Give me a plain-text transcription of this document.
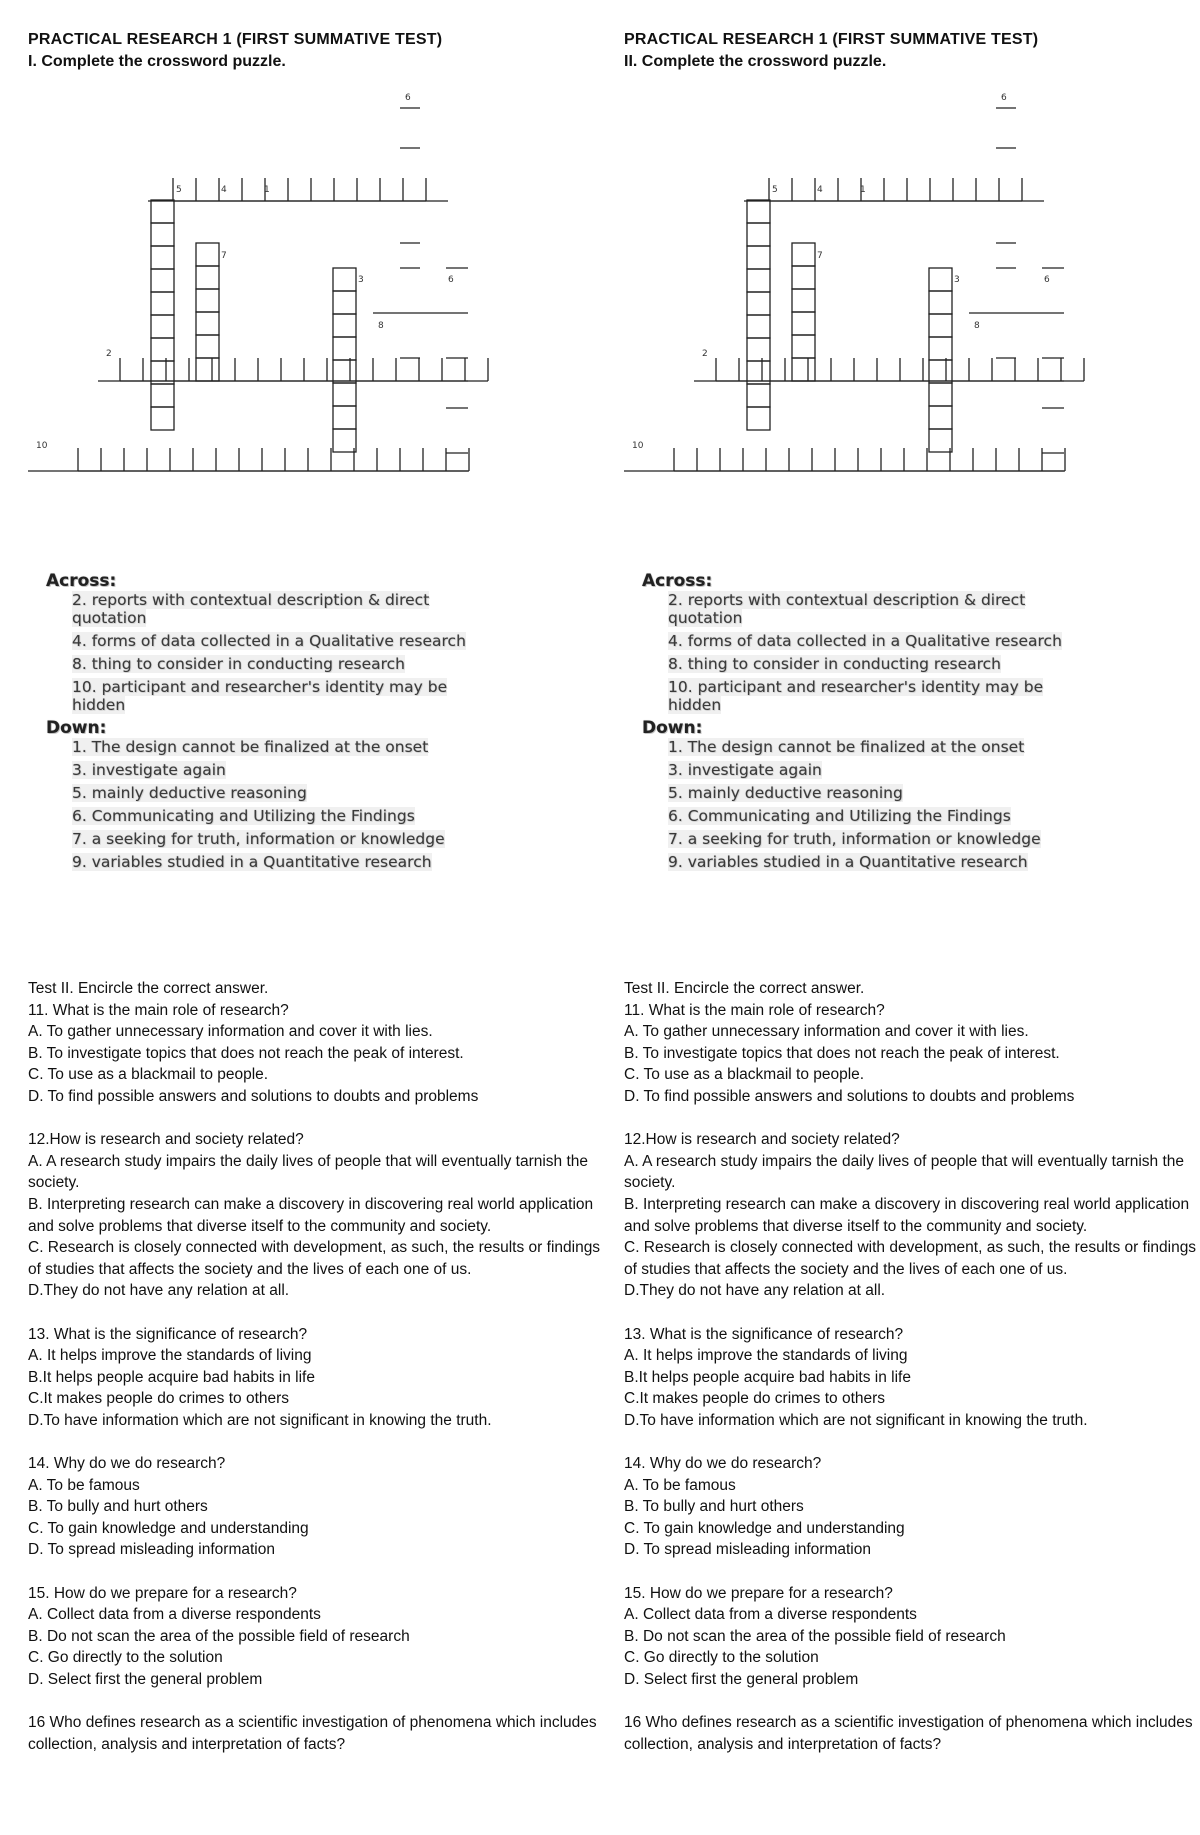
PRACTICAL RESEARCH 1 (FIRST SUMMATIVE TEST)
I. Complete the crossword puzzle.
5	4	1
6
7
3	6
8
2
10
Across:
2. reports with contextual description & direct quotation
4. forms of data collected in a Qualitative research
8. thing to consider in conducting research
10. participant and researcher's identity may be hidden
Down:
1. The design cannot be finalized at the onset
3. investigate again
5. mainly deductive reasoning
6. Communicating and Utilizing the Findings
7. a seeking for truth, information or knowledge
9. variables studied in a Quantitative research

Test II. Encircle the correct answer.

11. What is the main role of research?

A. To gather unnecessary information and cover it with lies.

B. To investigate topics that does not reach the peak of interest.

C. To use as a blackmail to people.

D. To find possible answers and solutions to doubts and problems

12.How is research and society related?

A. A research study impairs the daily lives of people that will eventually tarnish the society.

B. Interpreting research can make a discovery in discovering real world application and solve problems that diverse itself to the community and society.

C. Research is closely connected with development, as such, the results or findings of studies that affects the society and the lives of each one of us.

D.They do not have any relation at all.

13. What is the significance of research?

A. It helps improve the standards of living

B.It helps people acquire bad habits in life

C.It makes people do crimes to others

D.To have information which are not significant in knowing the truth.

14. Why do we do research?

A. To be famous

B. To bully and hurt others

C. To gain knowledge and understanding

D. To spread misleading information

15. How do we prepare for a research?

A. Collect data from a diverse respondents

B. Do not scan the area of the possible field of research

C. Go directly to the solution

D. Select first the general problem

16 Who defines research as a scientific investigation of phenomena which includes collection, analysis and interpretation of facts?

PRACTICAL RESEARCH 1 (FIRST SUMMATIVE TEST)
II. Complete the crossword puzzle.
5	4	1
6
7
3	6
8
2
10
Across:
2. reports with contextual description & direct quotation
4. forms of data collected in a Qualitative research
8. thing to consider in conducting research
10. participant and researcher's identity may be hidden
Down:
1. The design cannot be finalized at the onset
3. investigate again
5. mainly deductive reasoning
6. Communicating and Utilizing the Findings
7. a seeking for truth, information or knowledge
9. variables studied in a Quantitative research

Test II. Encircle the correct answer.

11. What is the main role of research?

A. To gather unnecessary information and cover it with lies.

B. To investigate topics that does not reach the peak of interest.

C. To use as a blackmail to people.

D. To find possible answers and solutions to doubts and problems

12.How is research and society related?

A. A research study impairs the daily lives of people that will eventually tarnish the society.

B. Interpreting research can make a discovery in discovering real world application and solve problems that diverse itself to the community and society.

C. Research is closely connected with development, as such, the results or findings of studies that affects the society and the lives of each one of us.

D.They do not have any relation at all.

13. What is the significance of research?

A. It helps improve the standards of living

B.It helps people acquire bad habits in life

C.It makes people do crimes to others

D.To have information which are not significant in knowing the truth.

14. Why do we do research?

A. To be famous

B. To bully and hurt others

C. To gain knowledge and understanding

D. To spread misleading information

15. How do we prepare for a research?

A. Collect data from a diverse respondents

B. Do not scan the area of the possible field of research

C. Go directly to the solution

D. Select first the general problem

16 Who defines research as a scientific investigation of phenomena which includes collection, analysis and interpretation of facts?
